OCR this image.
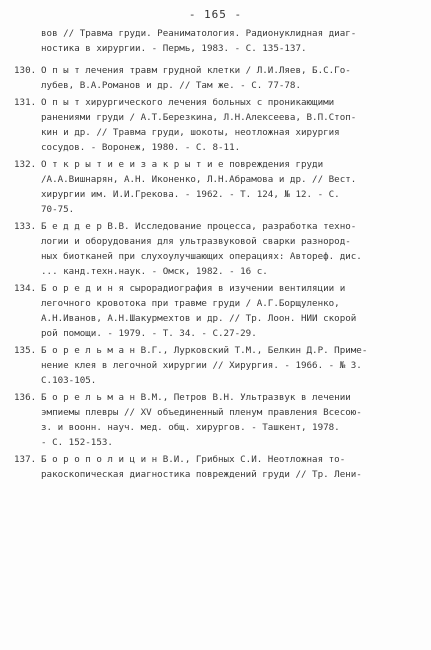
- 165 -
вов // Травма груди. Реаниматология. Радионуклидная диаг-
ностика в хирургии. - Пермь, 1983. - С. 135-137.
130. О п ы т лечения травм грудной клетки / Л.И.Ляев, Б.С.Го-
лубев, В.А.Романов и др. // Там же. - С. 77-78.
131. О п ы т хирургического лечения больных с проникающими
ранениями груди / А.Т.Березкина, Л.Н.Алексеева, В.П.Стоп-
кин и др. // Травма груди, шокоты, неотложная хирургия
сосудов. - Воронеж, 1980. - С. 8-11.
132. О т к р ы т и е и з а к р ы т и е повреждения груди
/А.А.Вишнарян, А.Н. Иконенко, Л.Н.Абрамова и др. // Вест.
хирургии им. И.И.Грекова. - 1962. - Т. 124, № 12. - С.
70-75.
133. Б е д д е р В.В. Исследование процесса, разработка техно-
логии и оборудования для ультразвуковой сварки разнород-
ных биотканей при слухоулучшающих операциях: Автореф. дис.
... канд.техн.наук. - Омск, 1982. - 16 с.
134. Б о р е д и н я сырорадиография в изучении вентиляции и
легочного кровотока при травме груди / А.Г.Борщуленко,
А.Н.Иванов, А.Н.Шакурмехтов и др. // Тр. Лоон. НИИ скорой
рой помощи. - 1979. - Т. 34. - С.27-29.
135. Б о р е л ь м а н В.Г., Лурковский Т.М., Белкин Д.Р. Приме-
нение клея в легочной хирургии // Хирургия. - 1966. - № 3.
С.103-105.
136. Б о р е л ь м а н В.М., Петров В.Н. Ультразвук в лечении
эмпиемы плевры // XV объединенный пленум правления Всесою-
з. и воонн. науч. мед. общ. хирургов. - Ташкент, 1978.
- С. 152-153.
137. Б о р о п о л и ц и н В.И., Грибных С.И. Неотложная то-
ракоскопическая диагностика повреждений груди // Тр. Лени-
